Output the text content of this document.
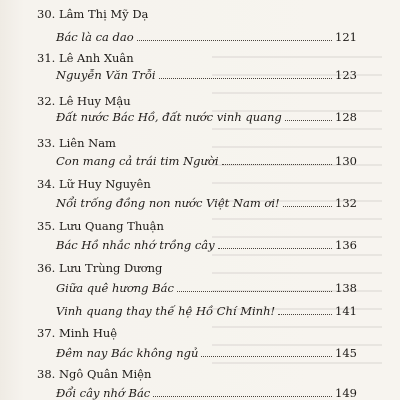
30. Lâm Thị Mỹ Dạ
Bác là ca dao	121
31. Lê Anh Xuân
Nguyễn Văn Trỗi	123
32. Lê Huy Mậu
Đất nước Bác Hồ, đất nước vinh quang	128
33. Liên Nam
Con mang cả trái tim Người	130
34. Lữ Huy Nguyên
Nổi trống đồng non nước Việt Nam ơi!	132
35. Lưu Quang Thuận
Bác Hồ nhắc nhớ trồng cây	136
36. Lưu Trùng Dương
Giữa quê hương Bác	138
Vinh quang thay thế hệ Hồ Chí Minh!	141
37. Minh Huệ
Đêm nay Bác không ngủ	145
38. Ngô Quân Miện
Đổi cây nhớ Bác	149
